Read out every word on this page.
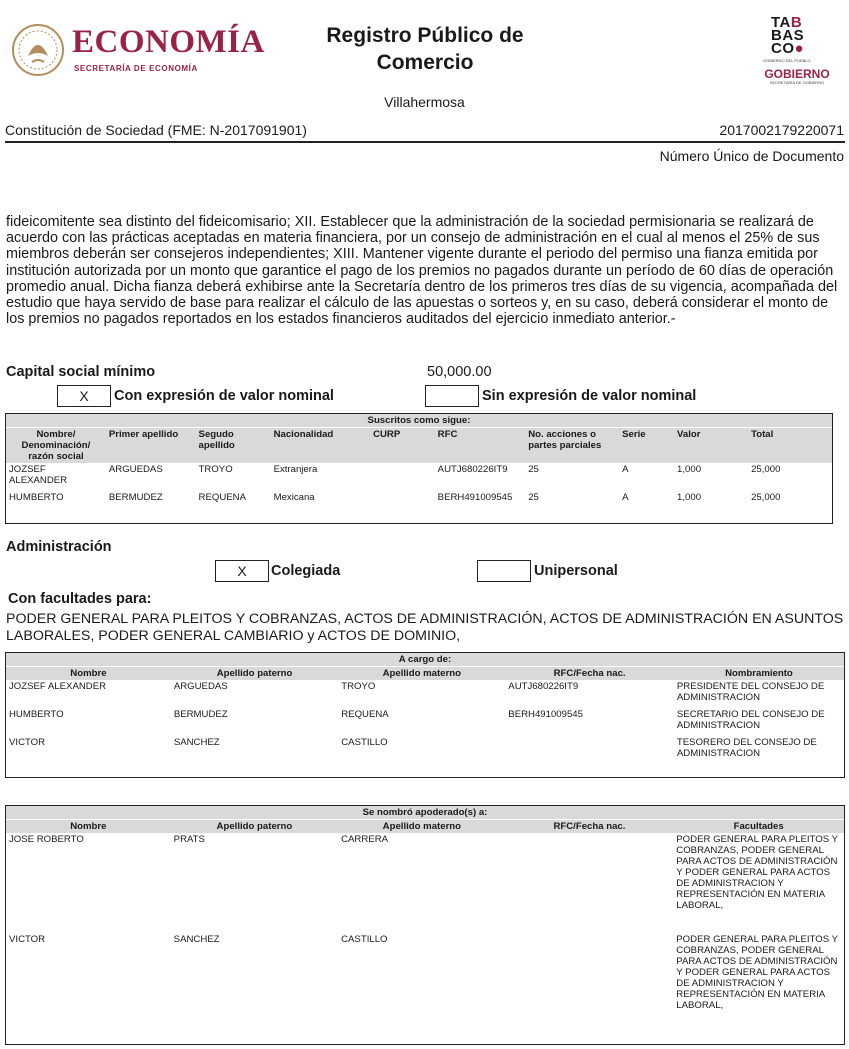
ECONOMÍA
SECRETARÍA DE ECONOMÍA
Registro Público de
Comercio
TAB
BAS
CO●
GOBIERNO DEL PUEBLO
GOBIERNO
SECRETARÍA DE GOBIERNO
Villahermosa
Constitución de Sociedad (FME: N-2017091901)	2017002179220071
Número Único de Documento

fideicomitente sea distinto del fideicomisario; XII. Establecer que la administración de la sociedad permisionaria se realizará de acuerdo con las prácticas aceptadas en materia financiera, por un consejo de administración en el cual al menos el 25% de sus miembros deberán ser consejeros independientes; XIII. Mantener vigente durante el periodo del permiso una fianza emitida por institución autorizada por un monto que garantice el pago de los premios no pagados durante un período de 60 días de operación promedio anual. Dicha fianza deberá exhibirse ante la Secretaría dentro de los primeros tres días de su vigencia, acompañada del estudio que haya servido de base para realizar el cálculo de las apuestas o sorteos y, en su caso, deberá considerar el monto de los premios no pagados reportados en los estados financieros auditados del ejercicio inmediato anterior.-

Capital social mínimo	50,000.00
X	Con expresión de valor nominal	Sin expresión de valor nominal
Suscritos como sigue:									
Nombre/ Denominación/ razón social	Primer apellido	Segudo apellido	Nacionalidad	CURP	RFC	No. acciones o partes parciales	Serie	Valor	Total
JOZSEF ALEXANDER	ARGUEDAS	TROYO	Extranjera		AUTJ680226IT9	25	A	1,000	25,000
HUMBERTO	BERMUDEZ	REQUENA	Mexicana		BERH491009545	25	A	1,000	25,000
Administración
X	Colegiada	Unipersonal
Con facultades para:

PODER GENERAL PARA PLEITOS Y COBRANZAS, ACTOS DE ADMINISTRACIÓN, ACTOS DE ADMINISTRACIÓN EN ASUNTOS LABORALES, PODER GENERAL CAMBIARIO y ACTOS DE DOMINIO,

A cargo de:				
Nombre	Apellido paterno	Apellido materno	RFC/Fecha nac.	Nombramiento
JOZSEF ALEXANDER	ARGUEDAS	TROYO	AUTJ680226IT9	PRESIDENTE DEL CONSEJO DE ADMINISTRACION
HUMBERTO	BERMUDEZ	REQUENA	BERH491009545	SECRETARIO DEL CONSEJO DE ADMINISTRACION
VICTOR	SANCHEZ	CASTILLO		TESORERO DEL CONSEJO DE ADMINISTRACION
Se nombró apoderado(s) a:				
Nombre	Apellido paterno	Apellido materno	RFC/Fecha nac.	Facultades
JOSE ROBERTO	PRATS	CARRERA		PODER GENERAL PARA PLEITOS Y COBRANZAS, PODER GENERAL PARA ACTOS DE ADMINISTRACIÓN Y PODER GENERAL PARA ACTOS DE ADMINISTRACION Y REPRESENTACIÓN EN MATERIA LABORAL,
VICTOR	SANCHEZ	CASTILLO		PODER GENERAL PARA PLEITOS Y COBRANZAS, PODER GENERAL PARA ACTOS DE ADMINISTRACIÓN Y PODER GENERAL PARA ACTOS DE ADMINISTRACION Y REPRESENTACIÓN EN MATERIA LABORAL,
